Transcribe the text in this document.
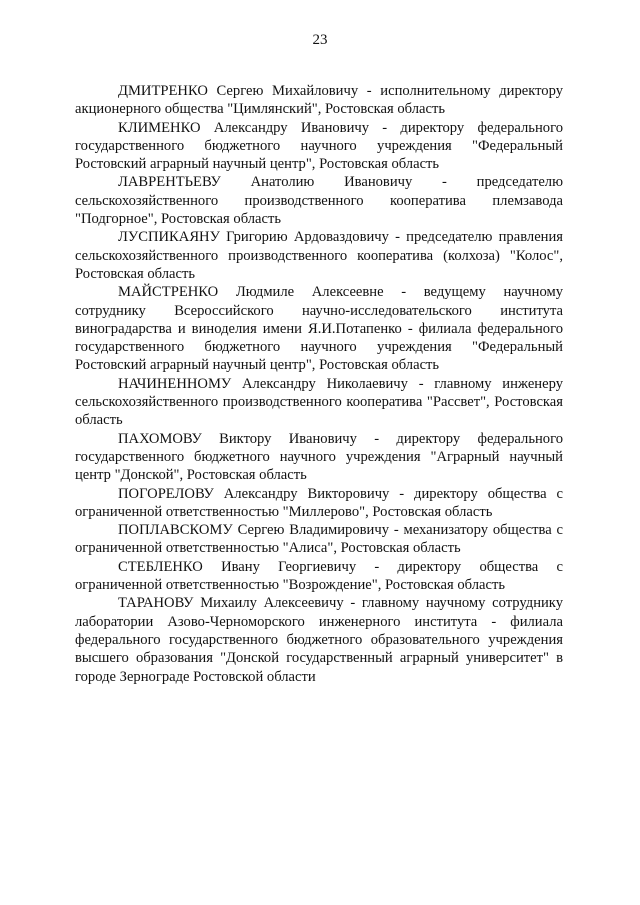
23

ДМИТРЕНКО Сергею Михайловичу - исполнительному директору акционерного общества "Цимлянский", Ростовская область

КЛИМЕНКО Александру Ивановичу - директору федерального государственного бюджетного научного учреждения "Федеральный Ростовский аграрный научный центр", Ростовская область

ЛАВРЕНТЬЕВУ Анатолию Ивановичу - председателю сельскохозяйственного производственного кооператива племзавода "Подгорное", Ростовская область

ЛУСПИКАЯНУ Григорию Ардоваздовичу - председателю правления сельскохозяйственного производственного кооператива (колхоза) "Колос", Ростовская область

МАЙСТРЕНКО Людмиле Алексеевне - ведущему научному сотруднику Всероссийского научно-исследовательского института виноградарства и виноделия имени Я.И.Потапенко - филиала федерального государственного бюджетного научного учреждения "Федеральный Ростовский аграрный научный центр", Ростовская область

НАЧИНЕННОМУ Александру Николаевичу - главному инженеру сельскохозяйственного производственного кооператива "Рассвет", Ростовская область

ПАХОМОВУ Виктору Ивановичу - директору федерального государственного бюджетного научного учреждения "Аграрный научный центр "Донской", Ростовская область

ПОГОРЕЛОВУ Александру Викторовичу - директору общества с ограниченной ответственностью "Миллерово", Ростовская область

ПОПЛАВСКОМУ Сергею Владимировичу - механизатору общества с ограниченной ответственностью "Алиса", Ростовская область

СТЕБЛЕНКО Ивану Георгиевичу - директору общества с ограниченной ответственностью "Возрождение", Ростовская область

ТАРАНОВУ Михаилу Алексеевичу - главному научному сотруднику лаборатории Азово-Черноморского инженерного института - филиала федерального государственного бюджетного образовательного учреждения высшего образования "Донской государственный аграрный университет" в городе Зернограде Ростовской области
